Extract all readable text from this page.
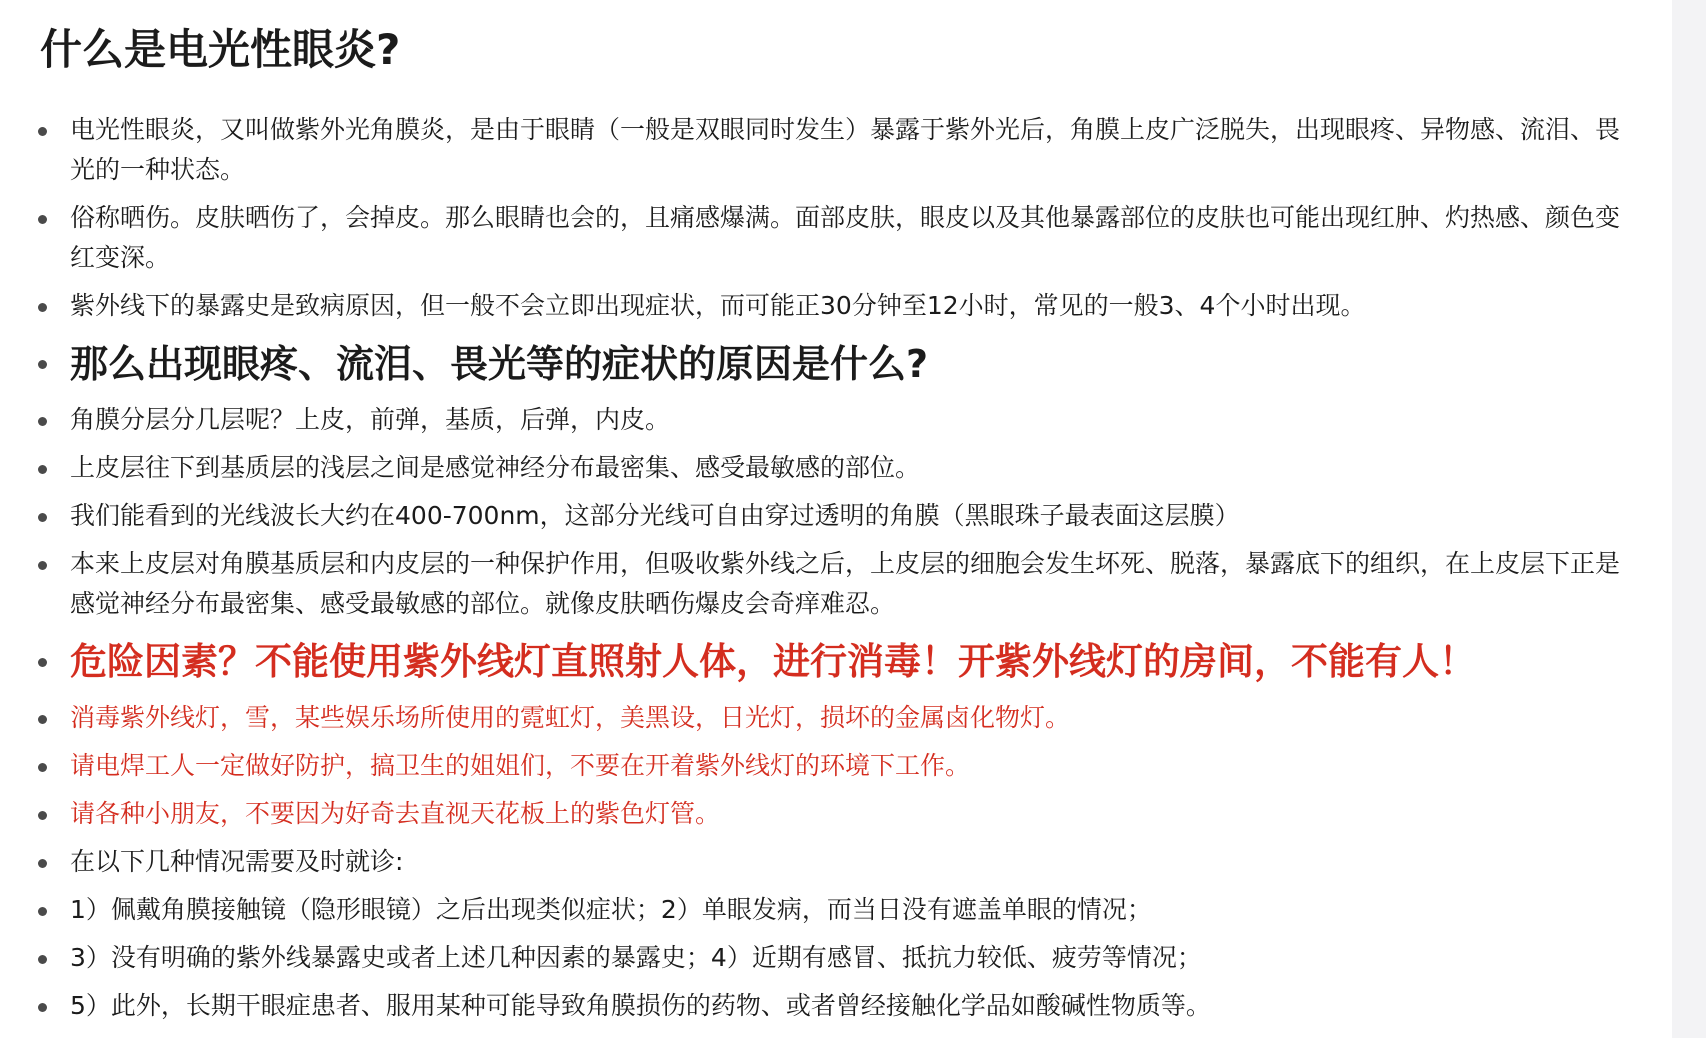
什么是电光性眼炎?
电光性眼炎，又叫做紫外光角膜炎，是由于眼睛（一般是双眼同时发生）暴露于紫外光后，角膜上皮广泛脱失，出现眼疼、异物感、流泪、畏光的一种状态。
俗称晒伤。皮肤晒伤了，会掉皮。那么眼睛也会的，且痛感爆满。面部皮肤，眼皮以及其他暴露部位的皮肤也可能出现红肿、灼热感、颜色变红变深。
紫外线下的暴露史是致病原因，但一般不会立即出现症状，而可能正30分钟至12小时，常见的一般3、4个小时出现。
那么出现眼疼、流泪、畏光等的症状的原因是什么?
角膜分层分几层呢？上皮，前弹，基质，后弹，内皮。
上皮层往下到基质层的浅层之间是感觉神经分布最密集、感受最敏感的部位。
我们能看到的光线波长大约在400-700nm，这部分光线可自由穿过透明的角膜（黑眼珠子最表面这层膜）
本来上皮层对角膜基质层和内皮层的一种保护作用，但吸收紫外线之后，上皮层的细胞会发生坏死、脱落，暴露底下的组织，在上皮层下正是感觉神经分布最密集、感受最敏感的部位。就像皮肤晒伤爆皮会奇痒难忍。
危险因素？不能使用紫外线灯直照射人体，进行消毒！开紫外线灯的房间，不能有人！
消毒紫外线灯，雪，某些娱乐场所使用的霓虹灯，美黑设，日光灯，损坏的金属卤化物灯。
请电焊工人一定做好防护，搞卫生的姐姐们，不要在开着紫外线灯的环境下工作。
请各种小朋友，不要因为好奇去直视天花板上的紫色灯管。
在以下几种情况需要及时就诊:
1）佩戴角膜接触镜（隐形眼镜）之后出现类似症状；2）单眼发病，而当日没有遮盖单眼的情况；
3）没有明确的紫外线暴露史或者上述几种因素的暴露史；4）近期有感冒、抵抗力较低、疲劳等情况；
5）此外，长期干眼症患者、服用某种可能导致角膜损伤的药物、或者曾经接触化学品如酸碱性物质等。
